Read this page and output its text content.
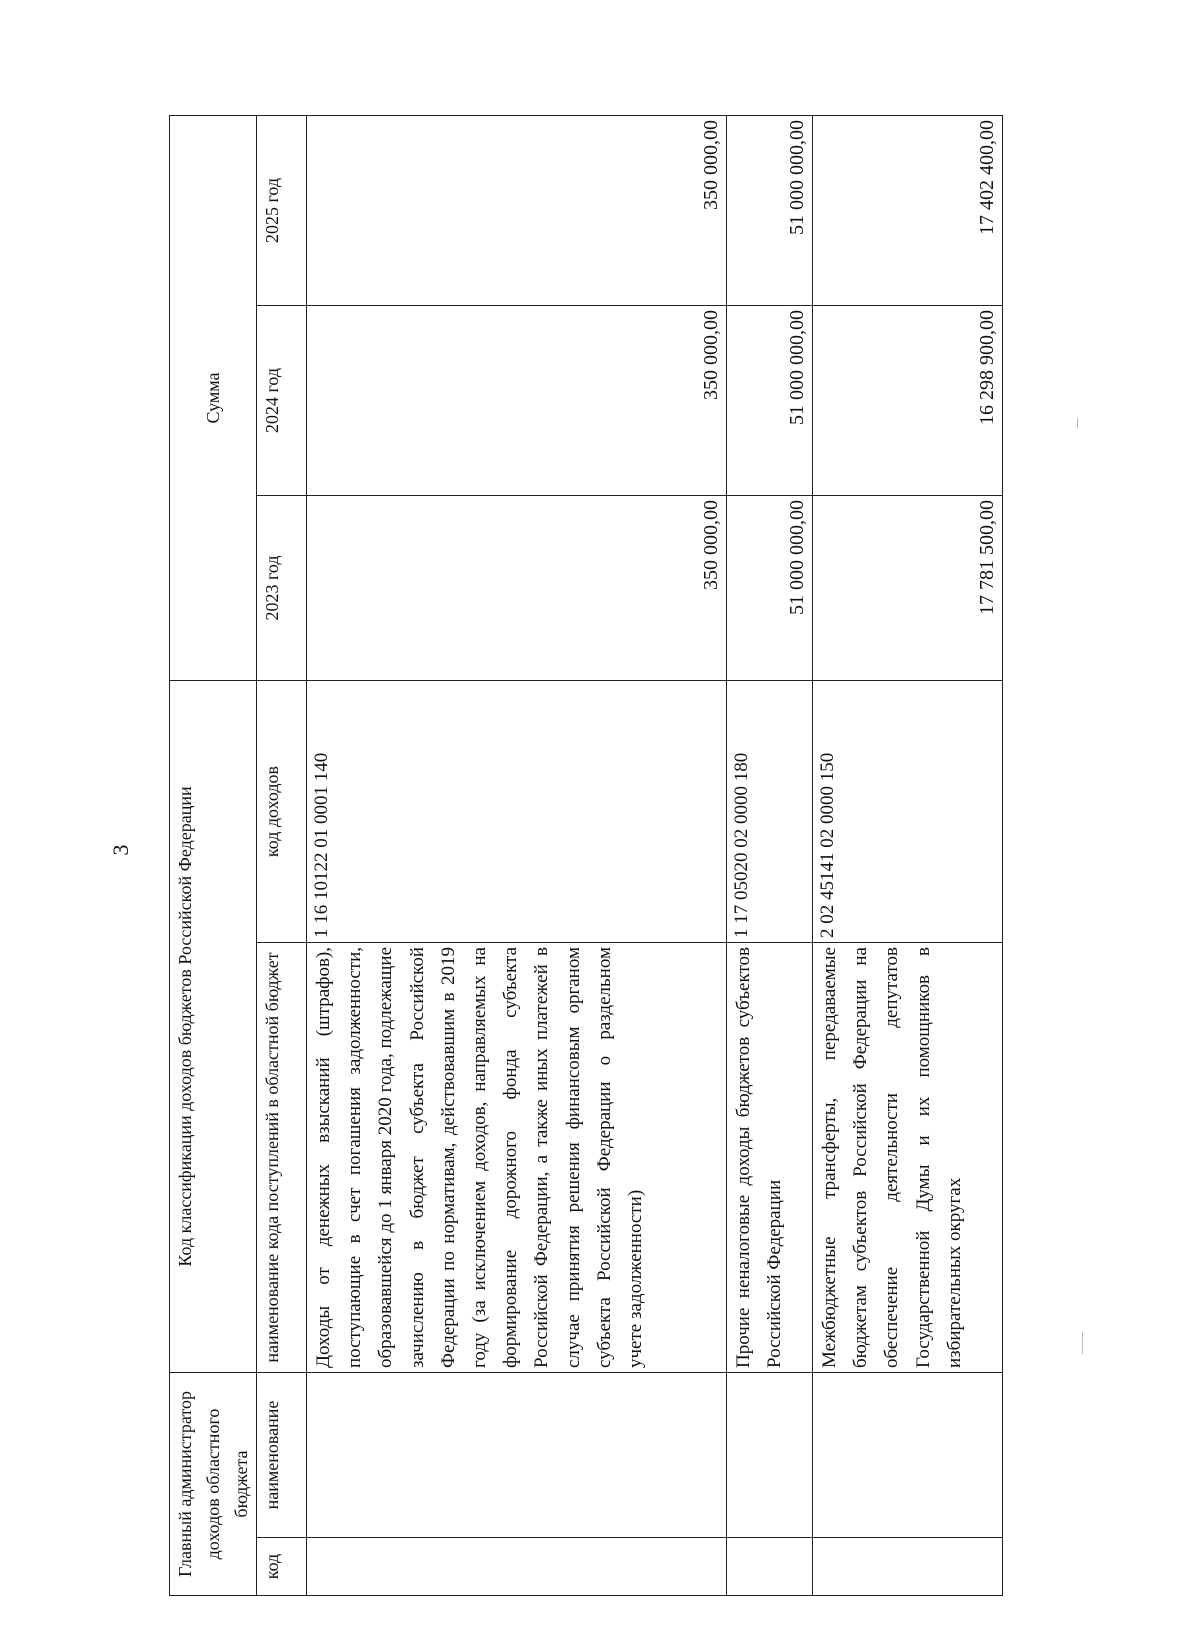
3
Главный администратор доходов областного бюджета		Код классификации доходов бюджетов Российской Федерации		Сумма		
код	наименование	наименование кода поступлений в областной бюджет	код доходов	2023 год	2024 год	2025 год
		Доходы от денежных взысканий (штрафов), поступающие в счет погашения задолженности, образовавшейся до 1 января 2020 года, подлежащие зачислению в бюджет субъекта Российской Федерации по нормативам, действовавшим в 2019 году (за исключением доходов, направляемых на формирование дорожного фонда субъекта Российской Федерации, а также иных платежей в случае принятия решения финансовым органом субъекта Российской Федерации о раздельном учете задолженности)	1 16 10122 01 0001 140	350 000,00	350 000,00	350 000,00
		Прочие неналоговые доходы бюджетов субъектов Российской Федерации	1 17 05020 02 0000 180	51 000 000,00	51 000 000,00	51 000 000,00
		Межбюджетные трансферты, передаваемые бюджетам субъектов Российской Федерации на обеспечение деятельности депутатов Государственной Думы и их помощников в избирательных округах	2 02 45141 02 0000 150	17 781 500,00	16 298 900,00	17 402 400,00
